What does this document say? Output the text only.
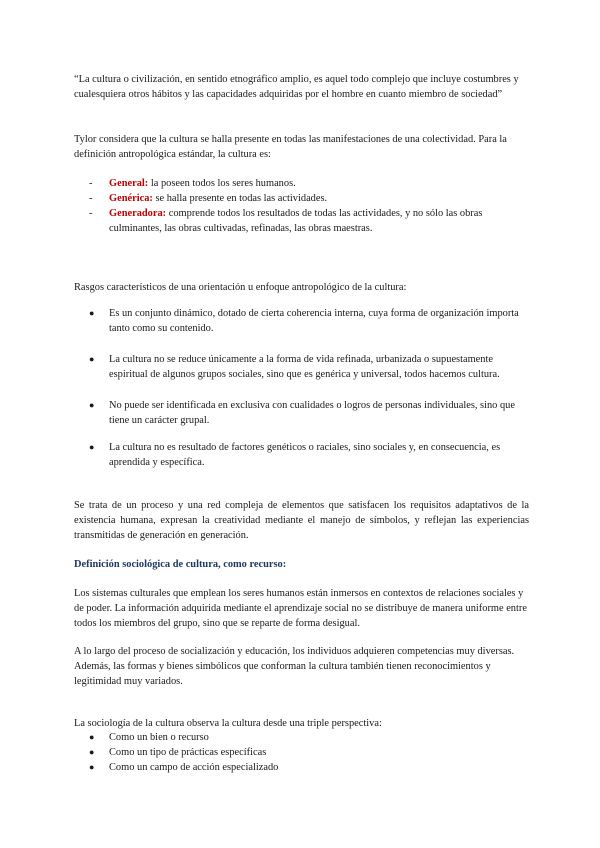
“La cultura o civilización, en sentido etnográfico amplio, es aquel todo complejo que incluye costumbres y cualesquiera otros hábitos y las capacidades adquiridas por el hombre en cuanto miembro de sociedad”

Tylor considera que la cultura se halla presente en todas las manifestaciones de una colectividad. Para la definición antropológica estándar, la cultura es:

- General: la poseen todos los seres humanos.
- Genérica: se halla presente en todas las actividades.
- Generadora: comprende todos los resultados de todas las actividades, y no sólo las obras culminantes, las obras cultivadas, refinadas, las obras maestras.

Rasgos característicos de una orientación u enfoque antropológico de la cultura:

● Es un conjunto dinámico, dotado de cierta coherencia interna, cuya forma de organización importa tanto como su contenido.
● La cultura no se reduce únicamente a la forma de vida refinada, urbanizada o supuestamente espiritual de algunos grupos sociales, sino que es genérica y universal, todos hacemos cultura.
● No puede ser identificada en exclusiva con cualidades o logros de personas individuales, sino que tiene un carácter grupal.
● La cultura no es resultado de factores genéticos o raciales, sino sociales y, en consecuencia, es aprendida y específica.

Se trata de un proceso y una red compleja de elementos que satisfacen los requisitos adaptativos de la existencia humana, expresan la creatividad mediante el manejo de símbolos, y reflejan las experiencias transmitidas de generación en generación.

Definición sociológica de cultura, como recurso:

Los sistemas culturales que emplean los seres humanos están inmersos en contextos de relaciones sociales y de poder. La información adquirida mediante el aprendizaje social no se distribuye de manera uniforme entre todos los miembros del grupo, sino que se reparte de forma desigual.

A lo largo del proceso de socialización y educación, los individuos adquieren competencias muy diversas. Además, las formas y bienes simbólicos que conforman la cultura también tienen reconocimientos y legitimidad muy variados.

La sociología de la cultura observa la cultura desde una triple perspectiva:

● Como un bien o recurso
● Como un tipo de prácticas específicas
● Como un campo de acción especializado
